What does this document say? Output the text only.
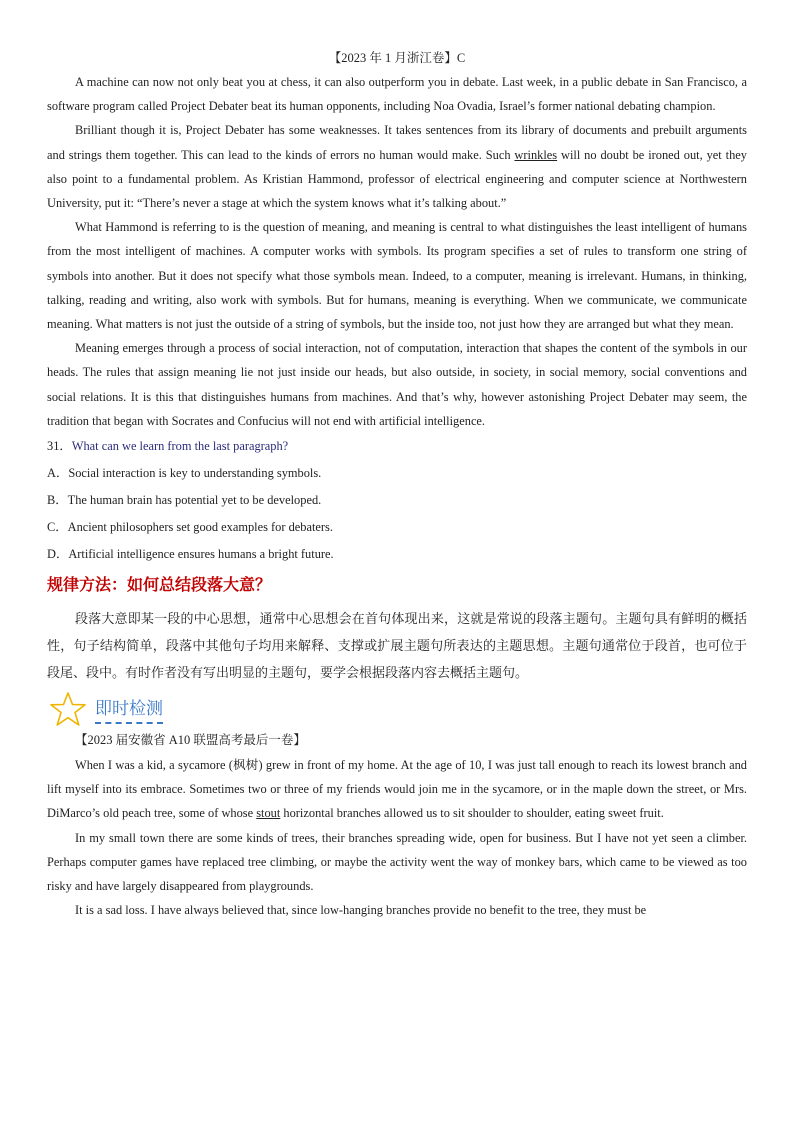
【2023 年 1 月浙江卷】C

A machine can now not only beat you at chess, it can also outperform you in debate. Last week, in a public debate in San Francisco, a software program called Project Debater beat its human opponents, including Noa Ovadia, Israel’s former national debating champion.

Brilliant though it is, Project Debater has some weaknesses. It takes sentences from its library of documents and prebuilt arguments and strings them together. This can lead to the kinds of errors no human would make. Such wrinkles will no doubt be ironed out, yet they also point to a fundamental problem. As Kristian Hammond, professor of electrical engineering and computer science at Northwestern University, put it: “There’s never a stage at which the system knows what it’s talking about.”

What Hammond is referring to is the question of meaning, and meaning is central to what distinguishes the least intelligent of humans from the most intelligent of machines. A computer works with symbols. Its program specifies a set of rules to transform one string of symbols into another. But it does not specify what those symbols mean. Indeed, to a computer, meaning is irrelevant. Humans, in thinking, talking, reading and writing, also work with symbols. But for humans, meaning is everything. When we communicate, we communicate meaning. What matters is not just the outside of a string of symbols, but the inside too, not just how they are arranged but what they mean.

Meaning emerges through a process of social interaction, not of computation, interaction that shapes the content of the symbols in our heads. The rules that assign meaning lie not just inside our heads, but also outside, in society, in social memory, social conventions and social relations. It is this that distinguishes humans from machines. And that’s why, however astonishing Project Debater may seem, the tradition that began with Socrates and Confucius will not end with artificial intelligence.

31．What can we learn from the last paragraph?

A．Social interaction is key to understanding symbols.

B．The human brain has potential yet to be developed.

C．Ancient philosophers set good examples for debaters.

D．Artificial intelligence ensures humans a bright future.

规律方法：如何总结段落大意？

段落大意即某一段的中心思想，通常中心思想会在首句体现出来，这就是常说的段落主题句。主题句具有鲜明的概括性，句子结构简单，段落中其他句子均用来解释、支撑或扩展主题句所表达的主题思想。主题句通常位于段首，也可位于段尾、段中。有时作者没有写出明显的主题句，要学会根据段落内容去概括主题句。

即时检测
【2023 届安徽省 A10 联盟高考最后一卷】

When I was a kid, a sycamore (枫树) grew in front of my home. At the age of 10, I was just tall enough to reach its lowest branch and lift myself into its embrace. Sometimes two or three of my friends would join me in the sycamore, or in the maple down the street, or Mrs. DiMarco’s old peach tree, some of whose stout horizontal branches allowed us to sit shoulder to shoulder, eating sweet fruit.

In my small town there are some kinds of trees, their branches spreading wide, open for business. But I have not yet seen a climber. Perhaps computer games have replaced tree climbing, or maybe the activity went the way of monkey bars, which came to be viewed as too risky and have largely disappeared from playgrounds.

It is a sad loss. I have always believed that, since low-hanging branches provide no benefit to the tree, they must be
